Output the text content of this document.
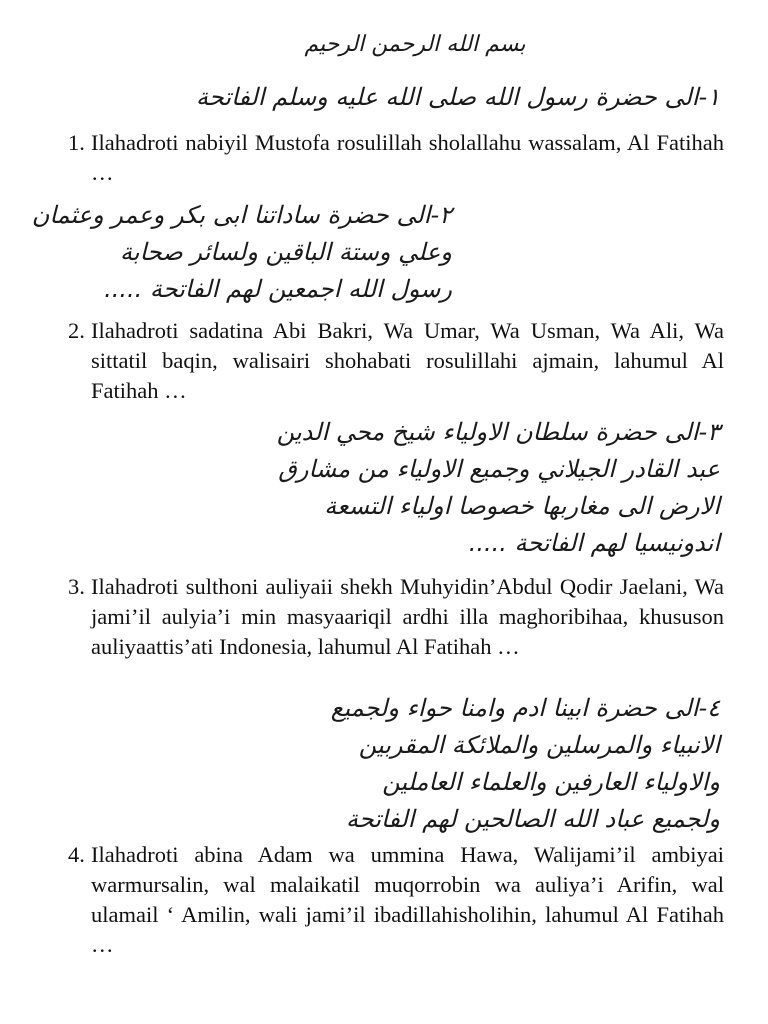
بسم الله الرحمن الرحيم
١-الى حضرة رسول الله صلى الله عليه وسلم الفاتحة
1. Ilahadroti nabiyil Mustofa rosulillah sholallahu wassalam, Al Fatihah …
٢-الى حضرة ساداتنا ابى بكر وعمر وعثمان
وعلي وستة الباقين ولسائر صحابة
رسول الله اجمعين لهم الفاتحة .....
2. Ilahadroti sadatina Abi Bakri, Wa Umar, Wa Usman, Wa Ali, Wa sittatil baqin, walisairi shohabati rosulillahi ajmain, lahumul Al Fatihah …
٣-الى حضرة سلطان الاولياء شيخ محي الدين
عبد القادر الجيلاني وجميع الاولياء من مشارق
الارض الى مغاربها خصوصا اولياء التسعة
اندونيسيا لهم الفاتحة .....
3. Ilahadroti sulthoni auliyaii shekh Muhyidin’Abdul Qodir Jaelani, Wa jami’il aulyia’i min masyaariqil ardhi illa maghoribihaa, khususon auliyaattis’ati Indonesia, lahumul Al Fatihah …
٤-الى حضرة ابينا ادم وامنا حواء ولجميع
الانبياء والمرسلين والملائكة المقربين
والاولياء العارفين والعلماء العاملين
ولجميع عباد الله الصالحين لهم الفاتحة
4. Ilahadroti abina Adam wa ummina Hawa, Walijami’il ambiyai warmursalin, wal malaikatil muqorrobin wa auliya’i Arifin, wal ulamail ‘ Amilin, wali jami’il ibadillahisholihin, lahumul Al Fatihah …
